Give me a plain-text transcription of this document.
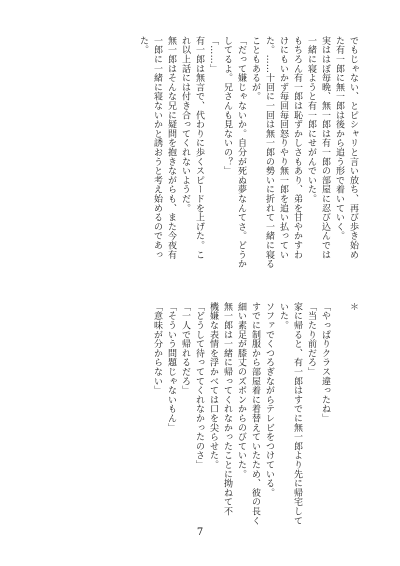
でもじゃない、とピシャリと言い放ち、再び歩き始め

た有一郎に無一郎は後から追う形で着いていく。

実ははぼ毎晩、無一郎は有一郎の部屋に忍び込んでは

一緒に寝ようと有一郎にせがんでいた。

もちろん有一郎は恥ずかしさもあり、弟を甘やかすわ

けにもいかず毎回毎回怒りやり無一郎を追い払ってい

た。……十回に一回は無一郎の勢いに折れて一緒に寝る

こともあるが。

「だって嫌じゃないか。自分が死ぬ夢なんてさ。どうか

してるよ。兄さんも見ないの？」

「……」

有一郎は無言で、代わりに歩くスピードを上げた。こ

れ以上話には付き合ってくれないようだ。

無一郎はそんな兄に疑問を抱きながらも、また今夜有

一郎に一緒に寝ないかと誘おうと考え始めるのであっ

た。

＊

「やっぱりクラス違ったね」

「当たり前だろ」

家に帰ると、有一郎はすでに無一郎より先に帰宅して

いた。

ソファでくつろぎながらテレビをつけている。

すでに制服から部屋着に着替えていたため、彼の長く

細い素足が膝丈のズボンからのびていた。

無一郎は一緒に帰ってくれなかったことに拗ねて不

機嫌な表情を浮かべては口を尖らせた。

「どうして待っててくれなかったのさ」

「一人で帰れるだろ」

「そういう問題じゃないもん」

「意味が分からない」

7
